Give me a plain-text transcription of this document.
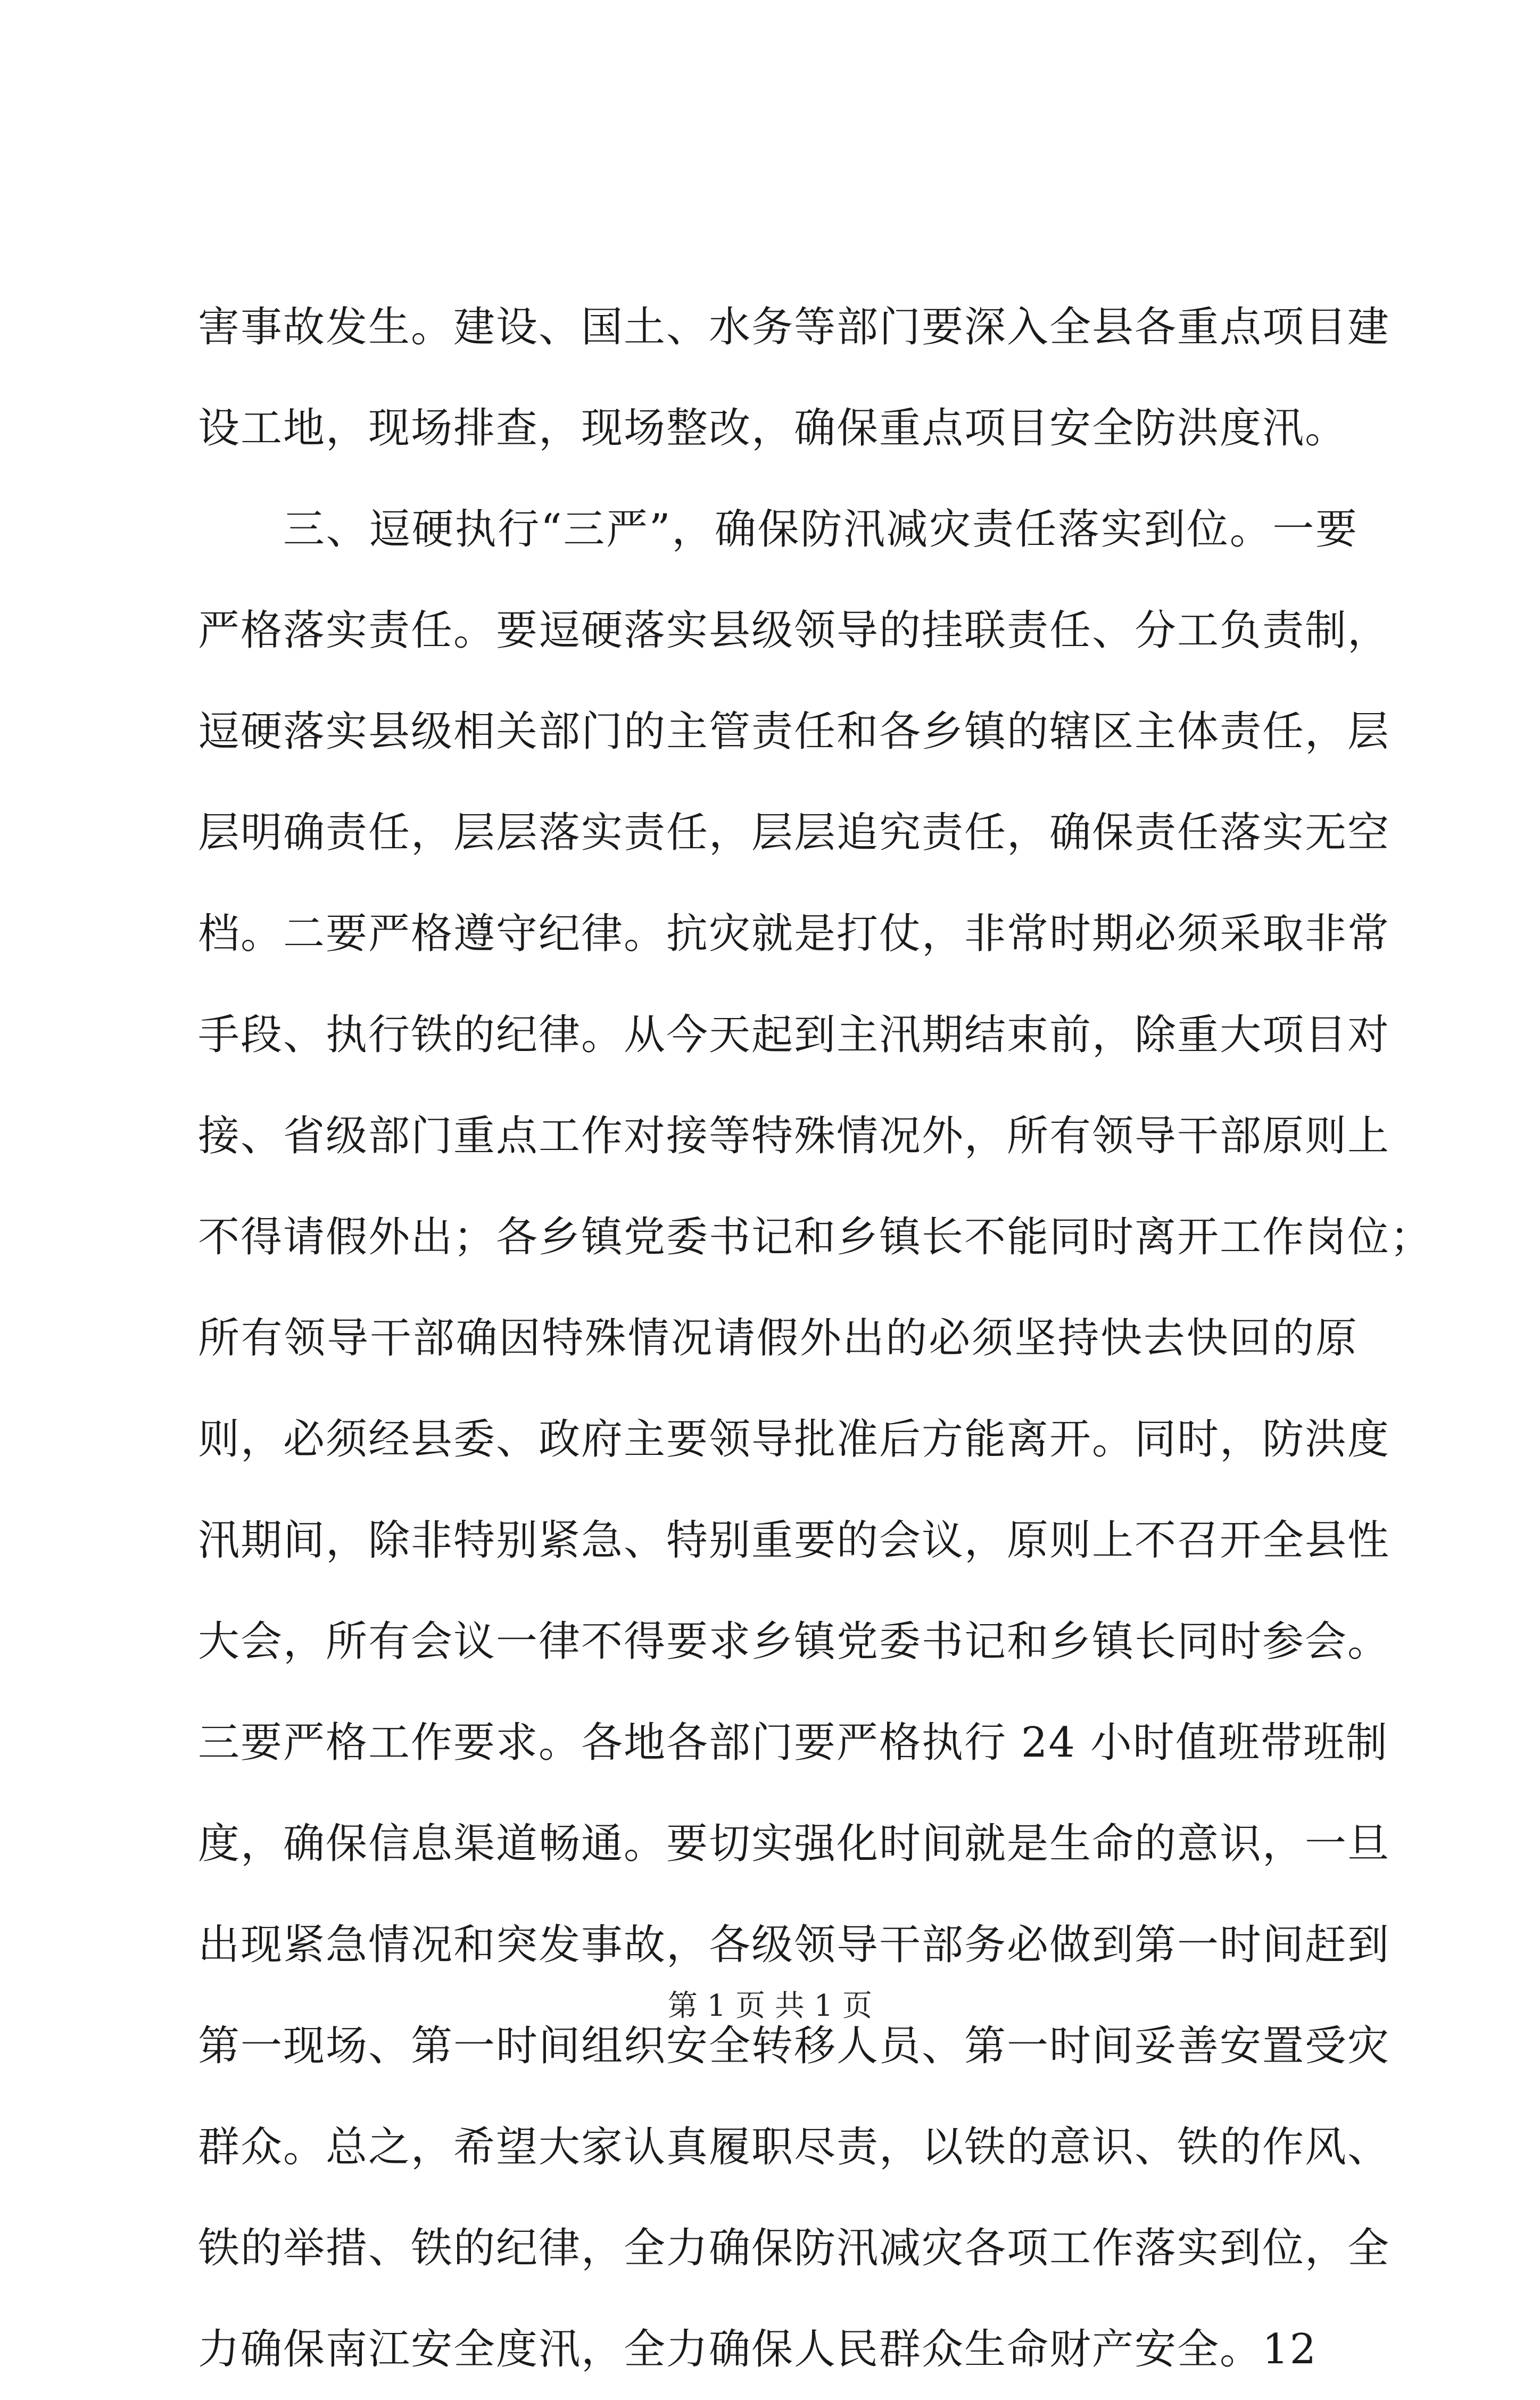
害事故发生。建设、国土、水务等部门要深入全县各重点项目建
设工地，现场排查，现场整改，确保重点项目安全防洪度汛。
三、逗硬执行“三严”，确保防汛减灾责任落实到位。一要
严格落实责任。要逗硬落实县级领导的挂联责任、分工负责制，
逗硬落实县级相关部门的主管责任和各乡镇的辖区主体责任，层
层明确责任，层层落实责任，层层追究责任，确保责任落实无空
档。二要严格遵守纪律。抗灾就是打仗，非常时期必须采取非常
手段、执行铁的纪律。从今天起到主汛期结束前，除重大项目对
接、省级部门重点工作对接等特殊情况外，所有领导干部原则上
不得请假外出；各乡镇党委书记和乡镇长不能同时离开工作岗位；
所有领导干部确因特殊情况请假外出的必须坚持快去快回的原
则，必须经县委、政府主要领导批准后方能离开。同时，防洪度
汛期间，除非特别紧急、特别重要的会议，原则上不召开全县性
大会，所有会议一律不得要求乡镇党委书记和乡镇长同时参会。
三要严格工作要求。各地各部门要严格执行 24 小时值班带班制
度，确保信息渠道畅通。要切实强化时间就是生命的意识，一旦
出现紧急情况和突发事故，各级领导干部务必做到第一时间赶到
第一现场、第一时间组织安全转移人员、第一时间妥善安置受灾
群众。总之，希望大家认真履职尽责，以铁的意识、铁的作风、
铁的举措、铁的纪律，全力确保防汛减灾各项工作落实到位，全
力确保南江安全度汛，全力确保人民群众生命财产安全。12
第 1 页 共 1 页
